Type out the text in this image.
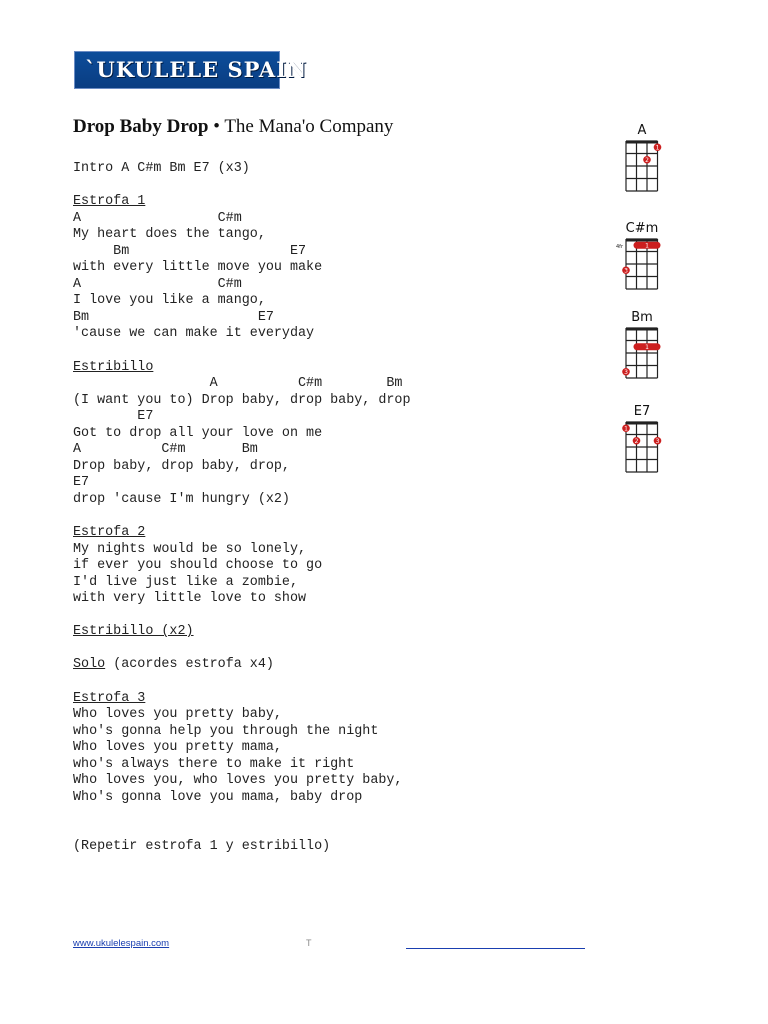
`UKULELE SPAIN
Drop Baby Drop • The Mana'o Company
Intro A C#m Bm E7 (x3)
Estrofa 1
A                 C#m
My heart does the tango,
Bm                    E7
with every little move you make
A                 C#m
I love you like a mango,
Bm                     E7
'cause we can make it everyday
Estribillo
A          C#m        Bm
(I want you to) Drop baby, drop baby, drop
E7
Got to drop all your love on me
A          C#m       Bm
Drop baby, drop baby, drop,
E7
drop 'cause I'm hungry (x2)
Estrofa 2
My nights would be so lonely,
if ever you should choose to go
I'd live just like a zombie,
with very little love to show
Estribillo (x2)
Solo (acordes estrofa x4)
Estrofa 3
Who loves you pretty baby,
who's gonna help you through the night
Who loves you pretty mama,
who's always there to make it right
Who loves you, who loves you pretty baby,
Who's gonna love you mama, baby drop
(Repetir estrofa 1 y estribillo)
A
2
1
C#m
4fr	1
3
Bm
1
3
E7
1
2	3
www.ukulelespain.com	T
